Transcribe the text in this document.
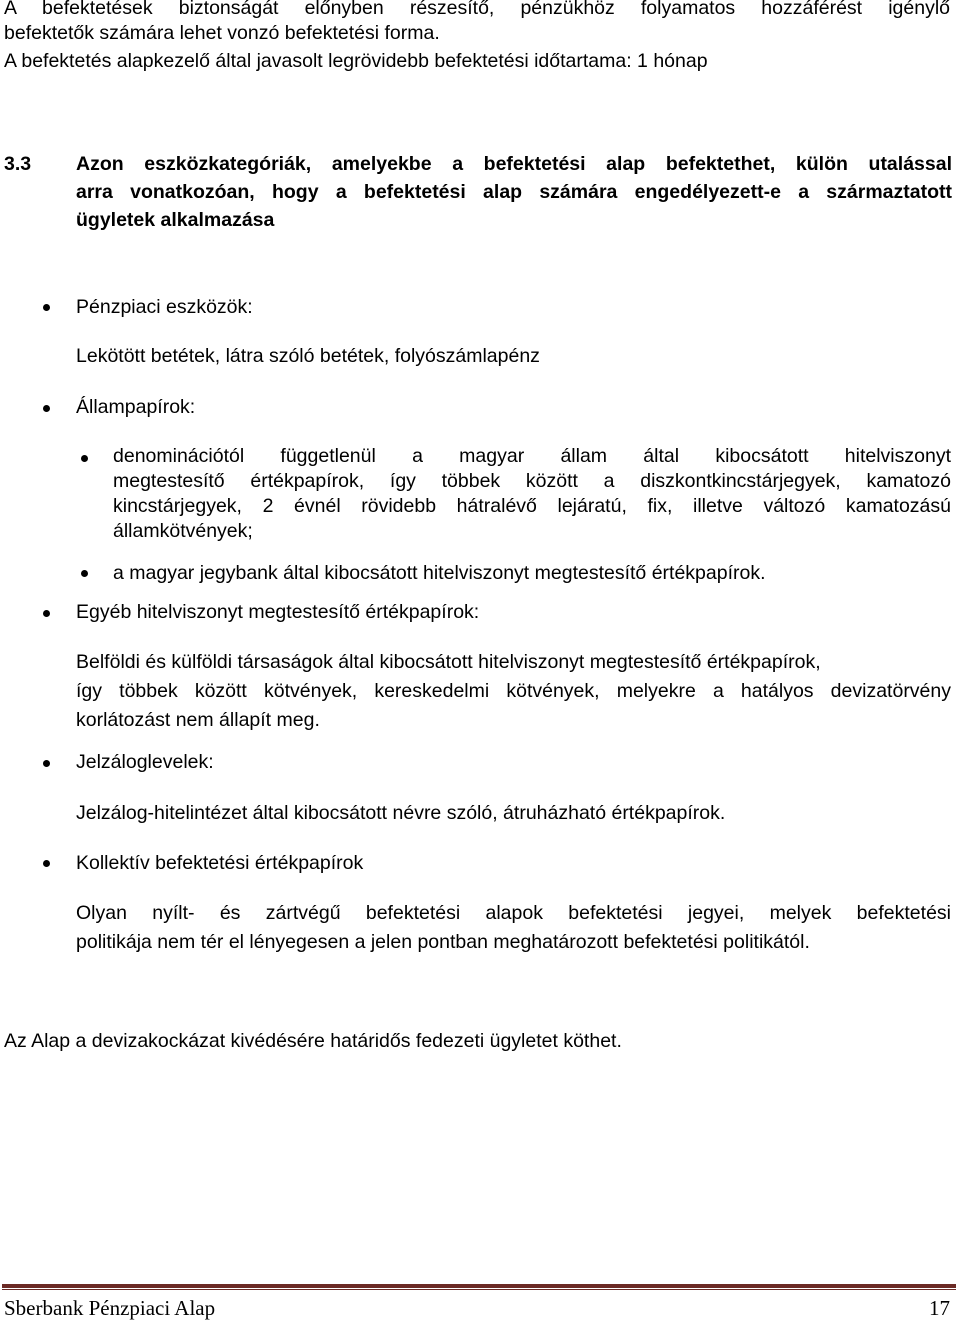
A befektetések biztonságát előnyben részesítő, pénzükhöz folyamatos hozzáférést igénylő
befektetők számára lehet vonzó befektetési forma.
A befektetés alapkezelő által javasolt legrövidebb befektetési időtartama: 1 hónap
3.3 Azon eszközkategóriák, amelyekbe a befektetési alap befektethet, külön utalással
arra vonatkozóan, hogy a befektetési alap számára engedélyezett-e a származtatott
ügyletek alkalmazása
Pénzpiaci eszközök:
Lekötött betétek, látra szóló betétek, folyószámlapénz
Állampapírok:
denominációtól függetlenül a magyar állam által kibocsátott hitelviszonyt
megtestesítő értékpapírok, így többek között a diszkontkincstárjegyek, kamatozó
kincstárjegyek, 2 évnél rövidebb hátralévő lejáratú, fix, illetve változó kamatozású
államkötvények;
a magyar jegybank által kibocsátott hitelviszonyt megtestesítő értékpapírok.
Egyéb hitelviszonyt megtestesítő értékpapírok:
Belföldi és külföldi társaságok által kibocsátott hitelviszonyt megtestesítő értékpapírok,
így többek között kötvények, kereskedelmi kötvények, melyekre a hatályos devizatörvény
korlátozást nem állapít meg.
Jelzáloglevelek:
Jelzálog-hitelintézet által kibocsátott névre szóló, átruházható értékpapírok.
Kollektív befektetési értékpapírok
Olyan nyílt- és zártvégű befektetési alapok befektetési jegyei, melyek befektetési
politikája nem tér el lényegesen a jelen pontban meghatározott befektetési politikától.
Az Alap a devizakockázat kivédésére határidős fedezeti ügyletet köthet.
Sberbank Pénzpiaci Alap	17
